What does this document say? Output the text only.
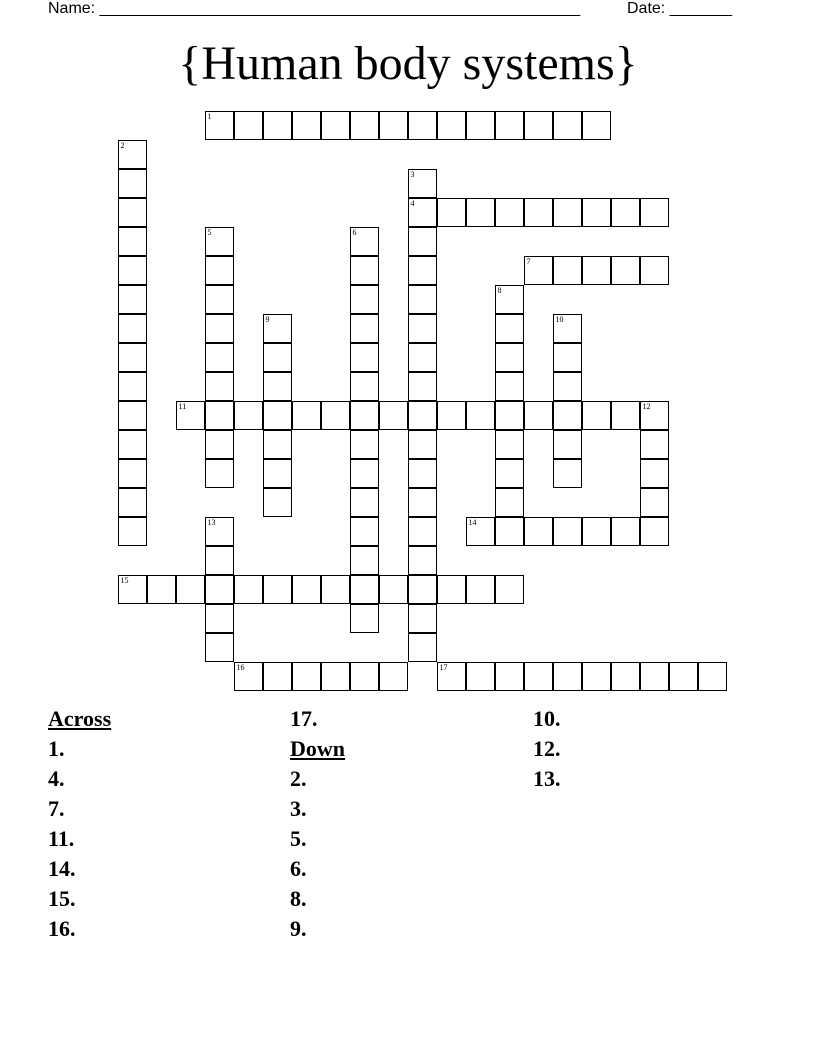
Name: ______________________________________________________	Date: _______
{Human body systems}
1
2
3
4
5	6
7
8
9	10
11	12
13	14
15
16	17
Across
1.
4.
7.
11.
14.
15.
16.
17.
Down
2.
3.
5.
6.
8.
9.
10.
12.
13.
